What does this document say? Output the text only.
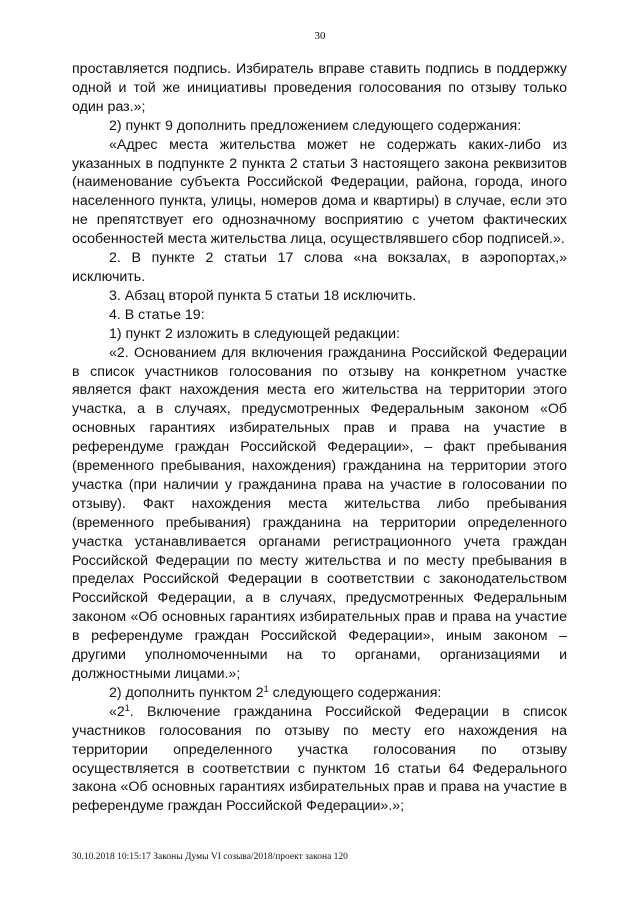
30

проставляется подпись. Избиратель вправе ставить подпись в поддержку одной и той же инициативы проведения голосования по отзыву только один раз.»;

2) пункт 9 дополнить предложением следующего содержания:

«Адрес места жительства может не содержать каких-либо из указанных в подпункте 2 пункта 2 статьи 3 настоящего закона реквизитов (наименование субъекта Российской Федерации, района, города, иного населенного пункта, улицы, номеров дома и квартиры) в случае, если это не препятствует его однозначному восприятию с учетом фактических особенностей места жительства лица, осуществлявшего сбор подписей.».

2. В пункте 2 статьи 17 слова «на вокзалах, в аэропортах,» исключить.

3. Абзац второй пункта 5 статьи 18 исключить.

4. В статье 19:

1) пункт 2 изложить в следующей редакции:

«2. Основанием для включения гражданина Российской Федерации в список участников голосования по отзыву на конкретном участке является факт нахождения места его жительства на территории этого участка, а в случаях, предусмотренных Федеральным законом «Об основных гарантиях избирательных прав и права на участие в референдуме граждан Российской Федерации», – факт пребывания (временного пребывания, нахождения) гражданина на территории этого участка (при наличии у гражданина права на участие в голосовании по отзыву). Факт нахождения места жительства либо пребывания (временного пребывания) гражданина на территории определенного участка устанавливается органами регистрационного учета граждан Российской Федерации по месту жительства и по месту пребывания в пределах Российской Федерации в соответствии с законодательством Российской Федерации, а в случаях, предусмотренных Федеральным законом «Об основных гарантиях избирательных прав и права на участие в референдуме граждан Российской Федерации», иным законом – другими уполномоченными на то органами, организациями и должностными лицами.»;

2) дополнить пунктом $2^1$ следующего содержания:

«$2^1$. Включение гражданина Российской Федерации в список участников голосования по отзыву по месту его нахождения на территории определенного участка голосования по отзыву осуществляется в соответствии с пунктом 16 статьи 64 Федерального закона «Об основных гарантиях избирательных прав и права на участие в референдуме граждан Российской Федерации».»;

30.10.2018 10:15:17 Законы Думы VI созыва/2018/проект закона 120
